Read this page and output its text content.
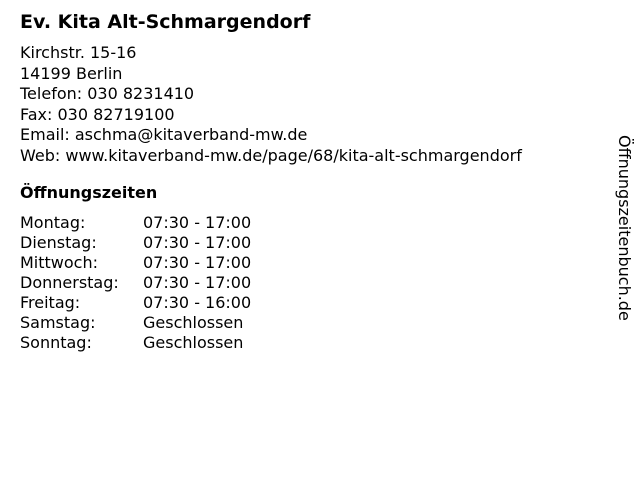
Ev. Kita Alt-Schmargendorf
Kirchstr. 15-16
14199 Berlin
Telefon: 030 8231410
Fax: 030 82719100
Email: aschma@kitaverband-mw.de
Web: www.kitaverband-mw.de/page/68/kita-alt-schmargendorf
Öffnungszeiten
Montag:	07:30 - 17:00
Dienstag:	07:30 - 17:00
Mittwoch:	07:30 - 17:00
Donnerstag: 07:30 - 17:00
Freitag:	07:30 - 16:00
Samstag:	Geschlossen
Sonntag:	Geschlossen
Öffnungszeitenbuch.de
